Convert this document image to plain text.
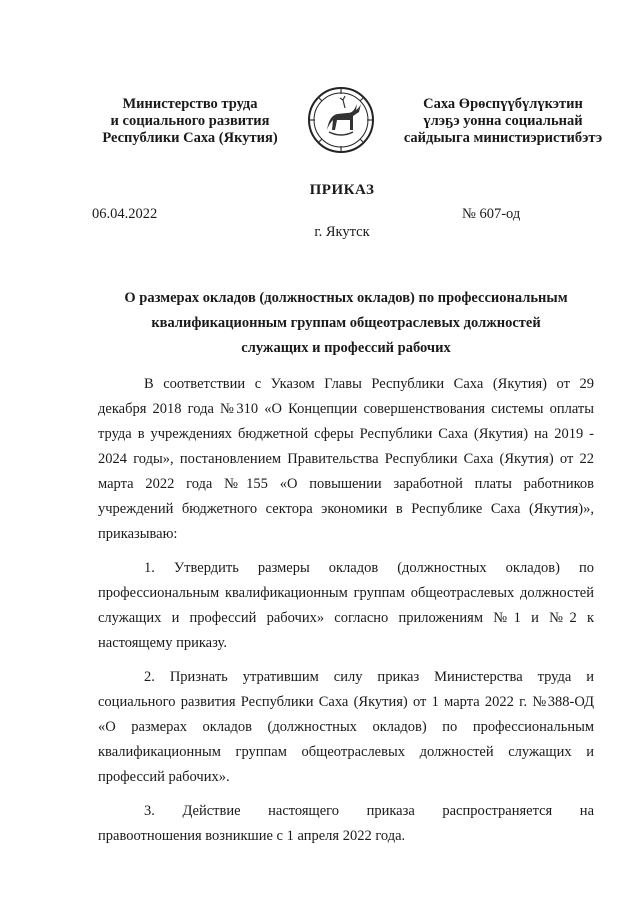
Министерство труда
и социального развития
Республики Саха (Якутия)
Саха Өрөспүүбүлүкэтин
үлэҕэ уонна социальнай
сайдыыга министиэристибэтэ
ПРИКАЗ
06.04.2022	№ 607-од
г. Якутск
О размерах окладов (должностных окладов) по профессиональным
квалификационным группам общеотраслевых должностей
служащих и профессий рабочих
В соответствии с Указом Главы Республики Саха (Якутия) от 29
декабря 2018 года №310 «О Концепции совершенствования системы оплаты
труда в учреждениях бюджетной сферы Республики Саха (Якутия) на 2019 -
2024 годы», постановлением Правительства Республики Саха (Якутия) от 22
марта 2022 года №155 «О повышении заработной платы работников
учреждений бюджетного сектора экономики в Республике Саха (Якутия)»,
приказываю:
1. Утвердить размеры окладов (должностных окладов) по
профессиональным квалификационным группам общеотраслевых должностей
служащих и профессий рабочих» согласно приложениям №1 и №2 к
настоящему приказу.
2. Признать утратившим силу приказ Министерства труда и
социального развития Республики Саха (Якутия) от 1 марта 2022 г. №388-ОД
«О размерах окладов (должностных окладов) по профессиональным
квалификационным группам общеотраслевых должностей служащих и
профессий рабочих».
3. Действие настоящего приказа распространяется на
правоотношения возникшие с 1 апреля 2022 года.
